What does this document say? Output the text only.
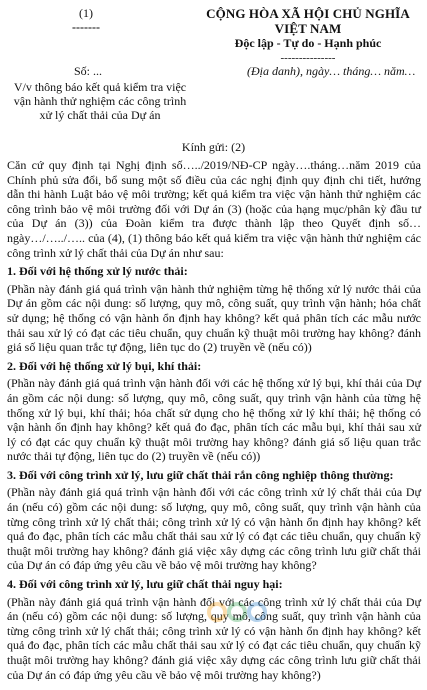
(1)
-------
CỘNG HÒA XÃ HỘI CHỦ NGHĨA VIỆT NAM
Độc lập - Tự do - Hạnh phúc
---------------
Số: ...	(Địa danh), ngày… tháng… năm…
V/v thông báo kết quả kiểm tra việc vận hành thử nghiệm các công trình xử lý chất thải của Dự án
Kính gửi: (2)

Căn cứ quy định tại Nghị định số…../2019/NĐ-CP ngày….tháng…năm 2019 của Chính phủ sửa đổi, bổ sung một số điều của các nghị định quy định chi tiết, hướng dẫn thi hành Luật bảo vệ môi trường; kết quả kiểm tra việc vận hành thử nghiệm các công trình bảo vệ môi trường đối với Dự án (3) (hoặc của hạng mục/phân kỳ đầu tư của Dự án (3)) của Đoàn kiểm tra được thành lập theo Quyết định số… ngày…/…../….. của (4), (1) thông báo kết quả kiểm tra việc vận hành thử nghiệm các công trình xử lý chất thải của Dự án như sau:

1. Đối với hệ thống xử lý nước thải:

(Phần này đánh giá quá trình vận hành thử nghiệm từng hệ thống xử lý nước thải của Dự án gồm các nội dung: số lượng, quy mô, công suất, quy trình vận hành; hóa chất sử dụng; hệ thống có vận hành ổn định hay không? kết quả phân tích các mẫu nước thải sau xử lý có đạt các tiêu chuẩn, quy chuẩn kỹ thuật môi trường hay không? đánh giá số liệu quan trắc tự động, liên tục do (2) truyền về (nếu có))

2. Đối với hệ thống xử lý bụi, khí thải:

(Phần này đánh giá quá trình vận hành đối với các hệ thống xử lý bụi, khí thải của Dự án gồm các nội dung: số lượng, quy mô, công suất, quy trình vận hành của từng hệ thống xử lý bụi, khí thải; hóa chất sử dụng cho hệ thống xử lý khí thải; hệ thống có vận hành ổn định hay không? kết quả đo đạc, phân tích các mẫu bụi, khí thải sau xử lý có đạt các quy chuẩn kỹ thuật môi trường hay không? đánh giá số liệu quan trắc nước thải tự động, liên tục do (2) truyền về (nếu có))

3. Đối với công trình xử lý, lưu giữ chất thải rắn công nghiệp thông thường:

(Phần này đánh giá quá trình vận hành đối với các công trình xử lý chất thải của Dự án (nếu có) gồm các nội dung: số lượng, quy mô, công suất, quy trình vận hành của từng công trình xử lý chất thải; công trình xử lý có vận hành ổn định hay không? kết quả đo đạc, phân tích các mẫu chất thải sau xử lý có đạt các tiêu chuẩn, quy chuẩn kỹ thuật môi trường hay không? đánh giá việc xây dựng các công trình lưu giữ chất thải của Dự án có đáp ứng yêu cầu về bảo vệ môi trường hay không?

4. Đối với công trình xử lý, lưu giữ chất thải nguy hại:

(Phần này đánh giá quá trình vận hành đối với các công trình xử lý chất thải của Dự án (nếu có) gồm các nội dung: số lượng, quy mô, công suất, quy trình vận hành của từng công trình xử lý chất thải; công trình xử lý có vận hành ổn định hay không? kết quả đo đạc, phân tích các mẫu chất thải sau xử lý có đạt các tiêu chuẩn, quy chuẩn kỹ thuật môi trường hay không? đánh giá việc xây dựng các công trình lưu giữ chất thải của Dự án có đáp ứng yêu cầu về bảo vệ môi trường hay không?)
